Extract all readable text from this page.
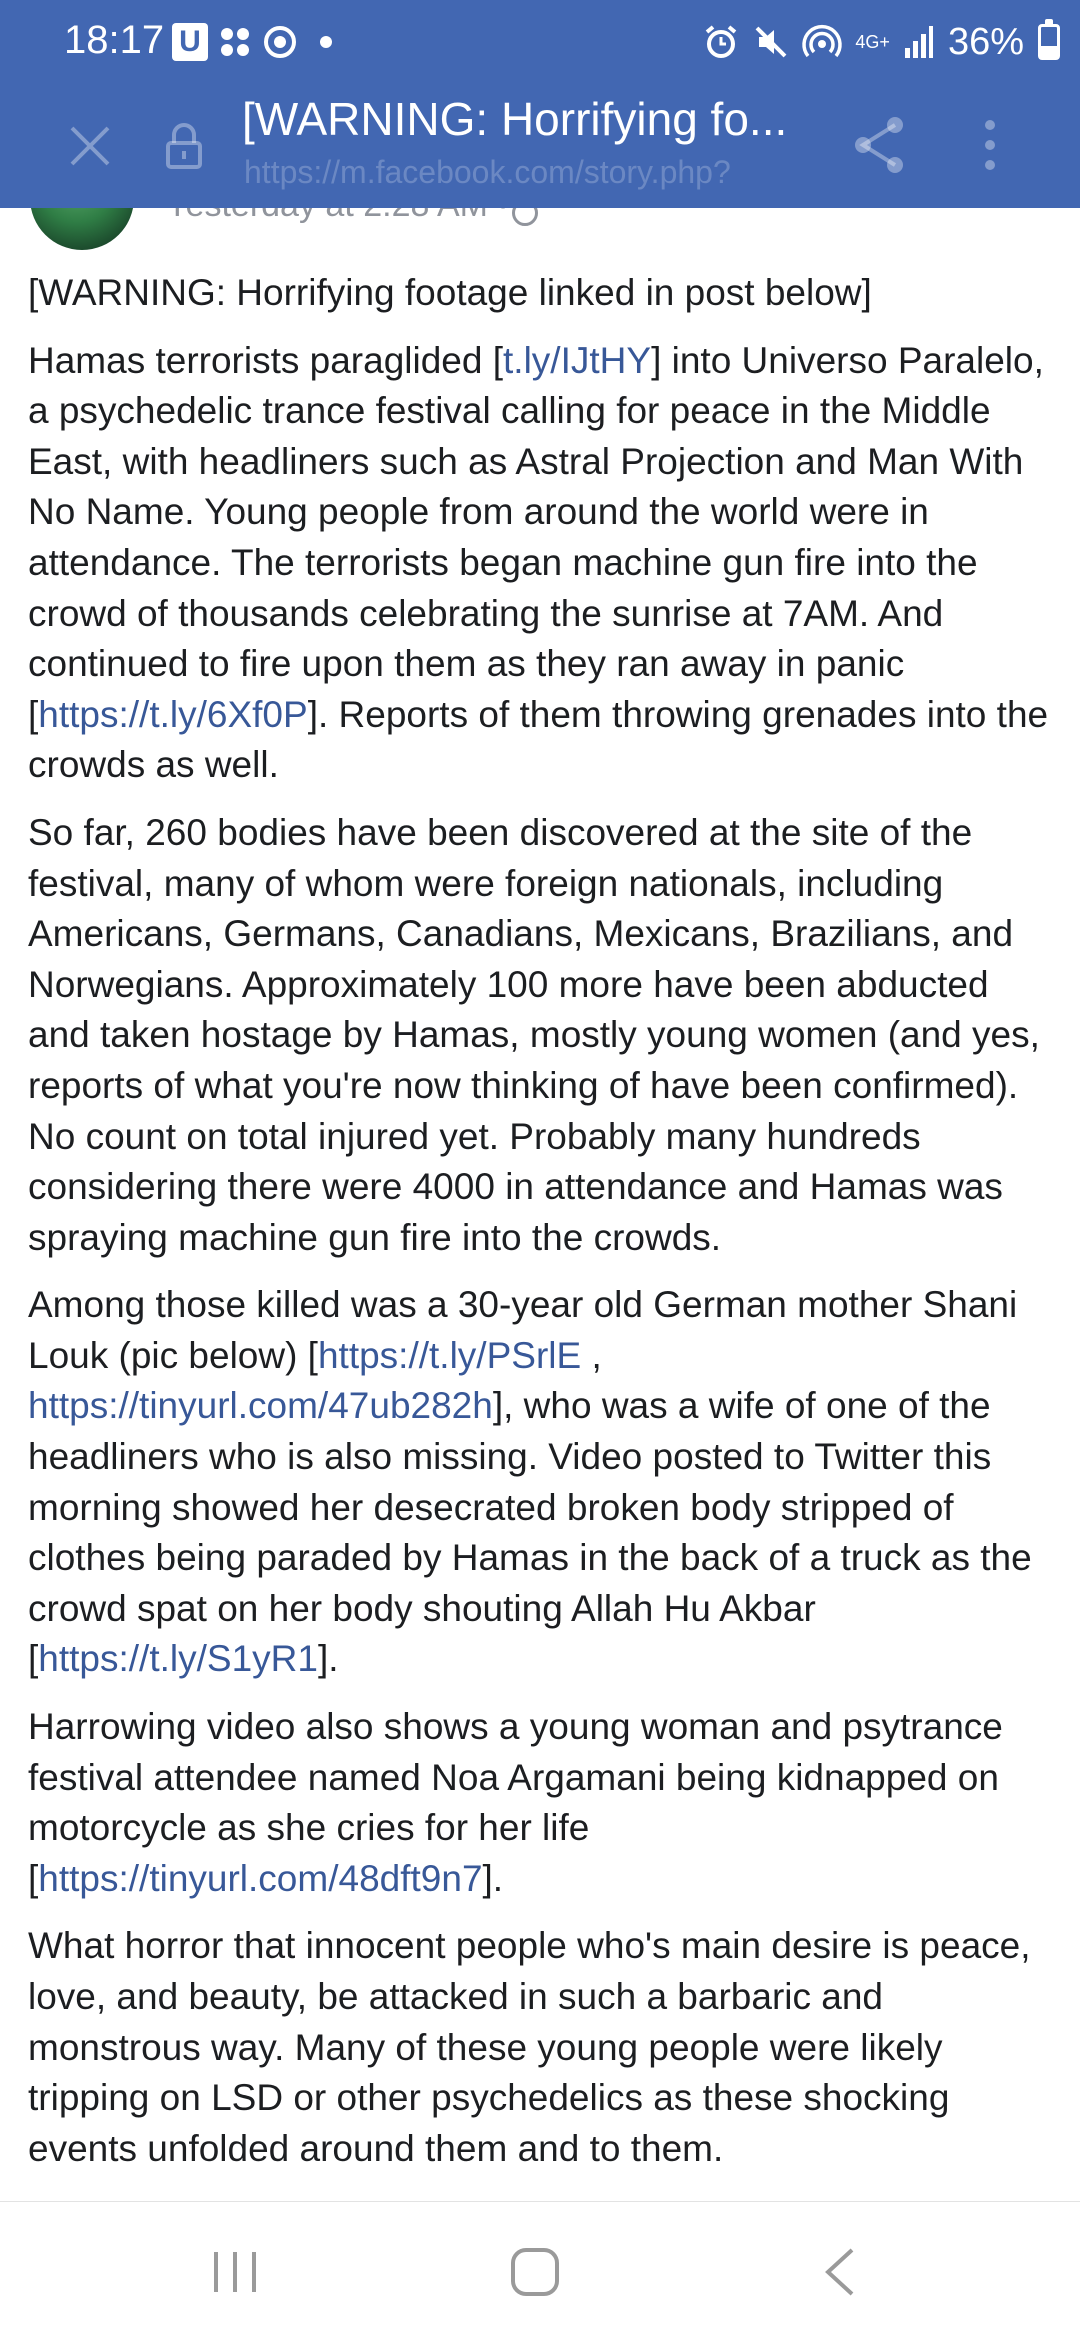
[WARNING: Horrifying footage linked in post below]

Hamas terrorists paraglided [t.ly/IJtHY] into Universo Paralelo, a psychedelic trance festival calling for peace in the Middle East, with headliners such as Astral Projection and Man With No Name. Young people from around the world were in attendance. The terrorists began machine gun fire into the crowd of thousands celebrating the sunrise at 7AM. And continued to fire upon them as they ran away in panic [https://t.ly/6Xf0P]. Reports of them throwing grenades into the crowds as well.

So far, 260 bodies have been discovered at the site of the festival, many of whom were foreign nationals, including Americans, Germans, Canadians, Mexicans, Brazilians, and Norwegians. Approximately 100 more have been abducted and taken hostage by Hamas, mostly young women (and yes, reports of what you're now thinking of have been confirmed).
No count on total injured yet. Probably many hundreds considering there were 4000 in attendance and Hamas was spraying machine gun fire into the crowds.

Among those killed was a 30-year old German mother Shani Louk (pic below) [https://t.ly/PSrlE , https://tinyurl.com/47ub282h], who was a wife of one of the headliners who is also missing. Video posted to Twitter this morning showed her desecrated broken body stripped of clothes being paraded by Hamas in the back of a truck as the crowd spat on her body shouting Allah Hu Akbar [https://t.ly/S1yR1].

Harrowing video also shows a young woman and psytrance festival attendee named Noa Argamani being kidnapped on motorcycle as she cries for her life [https://tinyurl.com/48dft9n7].

What horror that innocent people who's main desire is peace, love, and beauty, be attacked in such a barbaric and monstrous way. Many of these young people were likely tripping on LSD or other psychedelics as these shocking events unfolded around them and to them.

18:17 U	4G+ 36%
[WARNING: Horrifying fo...
https://m.facebook.com/story.php?
